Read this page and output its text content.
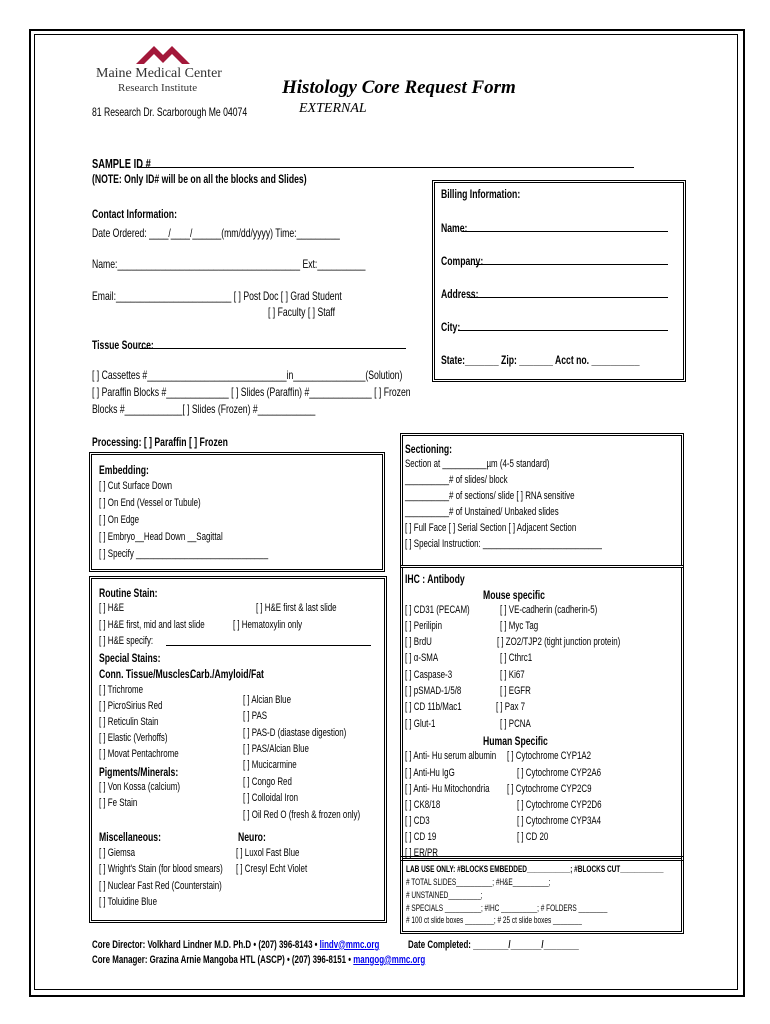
Maine Medical Center
Research Institute
81 Research Dr. Scarborough Me 04074
Histology Core Request Form
EXTERNAL
SAMPLE ID #
(NOTE: Only ID# will be on all the blocks and Slides)
Contact Information:
Date Ordered: ____/____/______(mm/dd/yyyy) Time:_________
Name:______________________________________ Ext:__________
Email:________________________ [ ] Post Doc [ ] Grad Student
[ ] Faculty [ ] Staff
Tissue Source:
Billing Information:
Name:
Company:
Address:
City:
State:_______ Zip: _______ Acct no. __________
[ ] Cassettes #_____________________________in_______________(Solution)
[ ] Paraffin Blocks #_____________ [ ] Slides (Paraffin) #_____________ [ ] Frozen
Blocks #____________[ ] Slides (Frozen) #____________
Processing: [ ] Paraffin [ ] Frozen
Embedding:
[ ] Cut Surface Down
[ ] On End (Vessel or Tubule)
[ ] On Edge
[ ] Embryo__Head Down __Sagittal
[ ] Specify ______________________________
Sectioning:
Section at __________µm (4-5 standard)
__________# of slides/ block
__________# of sections/ slide [ ] RNA sensitive
__________# of Unstained/ Unbaked slides
[ ] Full Face [ ] Serial Section [ ] Adjacent Section
[ ] Special Instruction: ___________________________
Routine Stain:
[ ] H&E	[ ] H&E first & last slide
[ ] H&E first, mid and last slide	[ ] Hematoxylin only
[ ] H&E specify:
Special Stains:
Conn. Tissue/Muscles:
Carb./Amyloid/Fat
[ ] Trichrome
[ ] PicroSirius Red
[ ] Reticulin Stain
[ ] Elastic (Verhoffs)
[ ] Movat Pentachrome
Pigments/Minerals:
[ ] Von Kossa (calcium)
[ ] Fe Stain
[ ] Alcian Blue
[ ] PAS
[ ] PAS-D (diastase digestion)
[ ] PAS/Alcian Blue
[ ] Mucicarmine
[ ] Congo Red
[ ] Colloidal Iron
[ ] Oil Red O (fresh & frozen only)
Miscellaneous:	Neuro:
[ ] Giemsa
[ ] Wright's Stain (for blood smears)
[ ] Nuclear Fast Red (Counterstain)
[ ] Toluidine Blue
[ ] Luxol Fast Blue
[ ] Cresyl Echt Violet
IHC : Antibody
Mouse specific
[ ] CD31 (PECAM)
[ ] Perilipin
[ ] BrdU
[ ] α-SMA
[ ] Caspase-3
[ ] pSMAD-1/5/8
[ ] CD 11b/Mac1
[ ] Glut-1
[ ] VE-cadherin (cadherin-5)
[ ] Myc Tag
[ ] ZO2/TJP2 (tight junction protein)
[ ] Cthrc1
[ ] Ki67
[ ] EGFR
[ ] Pax 7
[ ] PCNA
Human Specific
[ ] Anti- Hu serum albumin
[ ] Anti-Hu IgG
[ ] Anti- Hu Mitochondria
[ ] CK8/18
[ ] CD3
[ ] CD 19
[ ] ER/PR
[ ] Cytochrome CYP1A2
[ ] Cytochrome CYP2A6
[ ] Cytochrome CYP2C9
[ ] Cytochrome CYP2D6
[ ] Cytochrome CYP3A4
[ ] CD 20
LAB USE ONLY: #BLOCKS EMBEDDED____________; #BLOCKS CUT____________
# TOTAL SLIDES__________; #H&E__________;
# UNSTAINED_________;
# SPECIALS __________; #IHC __________; # FOLDERS ________
# 100 ct slide boxes ________; # 25 ct slide boxes ________
Core Director: Volkhard Lindner M.D. Ph.D • (207) 396-8143 • lindv@mmc.org
Core Manager: Grazina Arnie Mangoba HTL (ASCP) • (207) 396-8151 • mangog@mmc.org
Date Completed: ________/_______/________
